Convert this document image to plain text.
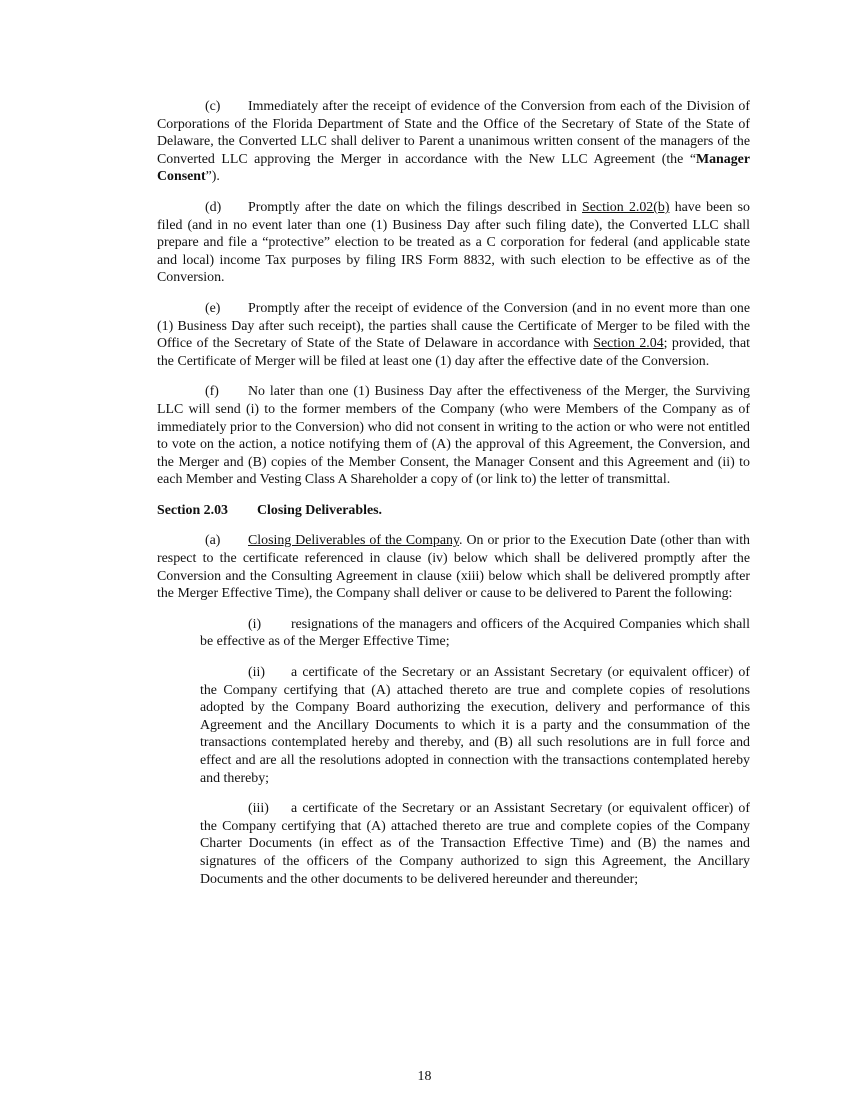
(c) Immediately after the receipt of evidence of the Conversion from each of the Division of Corporations of the Florida Department of State and the Office of the Secretary of State of the State of Delaware, the Converted LLC shall deliver to Parent a unanimous written consent of the managers of the Converted LLC approving the Merger in accordance with the New LLC Agreement (the “Manager Consent”).

(d) Promptly after the date on which the filings described in Section 2.02(b) have been so filed (and in no event later than one (1) Business Day after such filing date), the Converted LLC shall prepare and file a “protective” election to be treated as a C corporation for federal (and applicable state and local) income Tax purposes by filing IRS Form 8832, with such election to be effective as of the Conversion.

(e) Promptly after the receipt of evidence of the Conversion (and in no event more than one (1) Business Day after such receipt), the parties shall cause the Certificate of Merger to be filed with the Office of the Secretary of State of the State of Delaware in accordance with Section 2.04; provided, that the Certificate of Merger will be filed at least one (1) day after the effective date of the Conversion.

(f) No later than one (1) Business Day after the effectiveness of the Merger, the Surviving LLC will send (i) to the former members of the Company (who were Members of the Company as of immediately prior to the Conversion) who did not consent in writing to the action or who were not entitled to vote on the action, a notice notifying them of (A) the approval of this Agreement, the Conversion, and the Merger and (B) copies of the Member Consent, the Manager Consent and this Agreement and (ii) to each Member and Vesting Class A Shareholder a copy of (or link to) the letter of transmittal.

Section 2.03 Closing Deliverables.

(a) Closing Deliverables of the Company. On or prior to the Execution Date (other than with respect to the certificate referenced in clause (iv) below which shall be delivered promptly after the Conversion and the Consulting Agreement in clause (xiii) below which shall be delivered promptly after the Merger Effective Time), the Company shall deliver or cause to be delivered to Parent the following:

(i) resignations of the managers and officers of the Acquired Companies which shall be effective as of the Merger Effective Time;

(ii) a certificate of the Secretary or an Assistant Secretary (or equivalent officer) of the Company certifying that (A) attached thereto are true and complete copies of resolutions adopted by the Company Board authorizing the execution, delivery and performance of this Agreement and the Ancillary Documents to which it is a party and the consummation of the transactions contemplated hereby and thereby, and (B) all such resolutions are in full force and effect and are all the resolutions adopted in connection with the transactions contemplated hereby and thereby;

(iii) a certificate of the Secretary or an Assistant Secretary (or equivalent officer) of the Company certifying that (A) attached thereto are true and complete copies of the Company Charter Documents (in effect as of the Transaction Effective Time) and (B) the names and signatures of the officers of the Company authorized to sign this Agreement, the Ancillary Documents and the other documents to be delivered hereunder and thereunder;

18
